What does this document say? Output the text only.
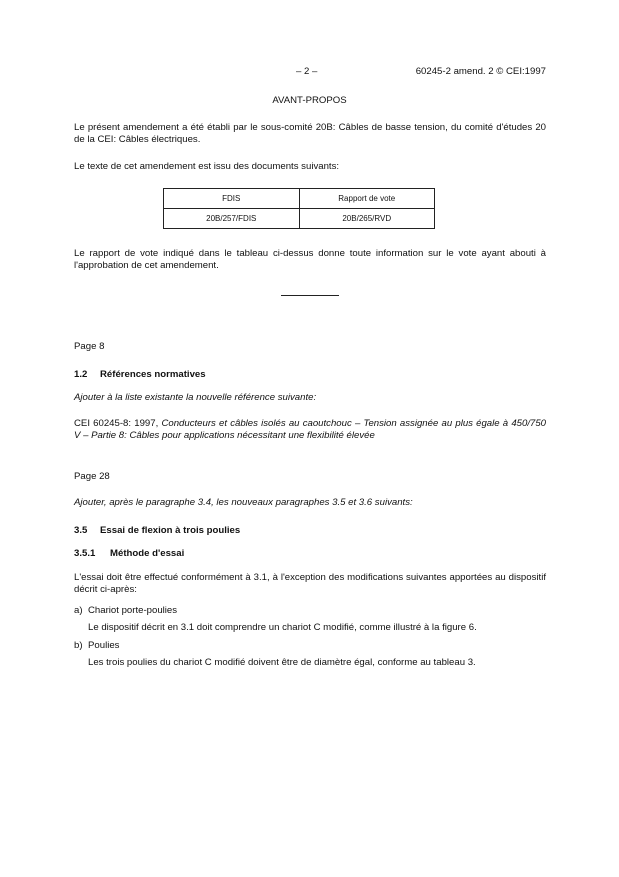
– 2 –	60245-2 amend. 2 © CEI:1997
AVANT-PROPOS
Le présent amendement a été établi par le sous-comité 20B: Câbles de basse tension, du comité d'études 20 de la CEI: Câbles électriques.
Le texte de cet amendement est issu des documents suivants:
FDIS	Rapport de vote
20B/257/FDIS	20B/265/RVD
Le rapport de vote indiqué dans le tableau ci-dessus donne toute information sur le vote ayant abouti à l'approbation de cet amendement.
Page 8
1.2 Références normatives
Ajouter à la liste existante la nouvelle référence suivante:
CEI 60245-8: 1997, Conducteurs et câbles isolés au caoutchouc – Tension assignée au plus égale à 450/750 V – Partie 8: Câbles pour applications nécessitant une flexibilité élevée
Page 28
Ajouter, après le paragraphe 3.4, les nouveaux paragraphes 3.5 et 3.6 suivants:
3.5 Essai de flexion à trois poulies
3.5.1 Méthode d'essai
L'essai doit être effectué conformément à 3.1, à l'exception des modifications suivantes apportées au dispositif décrit ci-après:
a) Chariot porte-poulies
Le dispositif décrit en 3.1 doit comprendre un chariot C modifié, comme illustré à la figure 6.
b) Poulies
Les trois poulies du chariot C modifié doivent être de diamètre égal, conforme au tableau 3.
